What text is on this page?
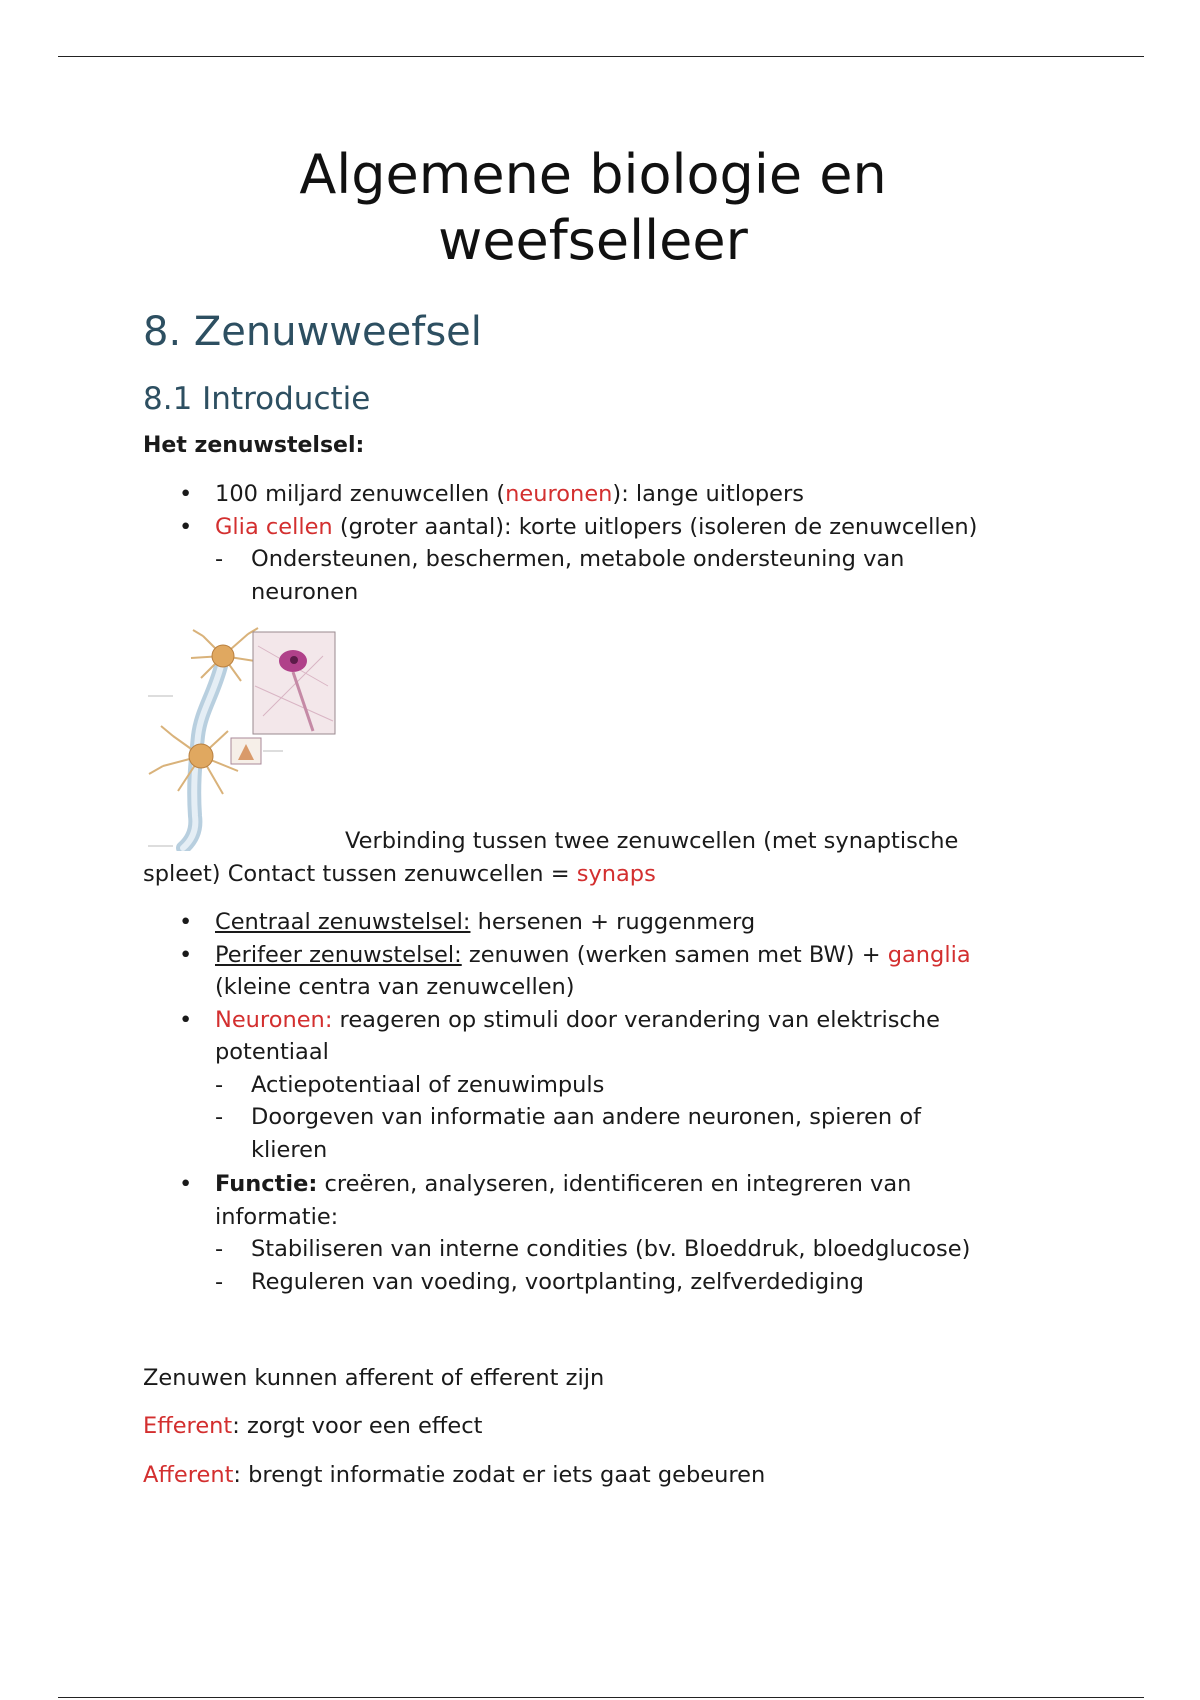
Algemene biologie en
weefselleer
8. Zenuwweefsel
8.1 Introductie
Het zenuwstelsel:
• 100 miljard zenuwcellen (neuronen): lange uitlopers
• Glia cellen (groter aantal): korte uitlopers (isoleren de zenuwcellen)
- Ondersteunen, beschermen, metabole ondersteuning van
neuronen
Verbinding tussen twee zenuwcellen (met synaptische
spleet) Contact tussen zenuwcellen = synaps
• Centraal zenuwstelsel: hersenen + ruggenmerg
• Perifeer zenuwstelsel: zenuwen (werken samen met BW) + ganglia
(kleine centra van zenuwcellen)
• Neuronen: reageren op stimuli door verandering van elektrische
potentiaal
- Actiepotentiaal of zenuwimpuls
- Doorgeven van informatie aan andere neuronen, spieren of
klieren
• Functie: creëren, analyseren, identificeren en integreren van
informatie:
- Stabiliseren van interne condities (bv. Bloeddruk, bloedglucose)
- Reguleren van voeding, voortplanting, zelfverdediging
Zenuwen kunnen afferent of efferent zijn
Efferent: zorgt voor een effect
Afferent: brengt informatie zodat er iets gaat gebeuren
